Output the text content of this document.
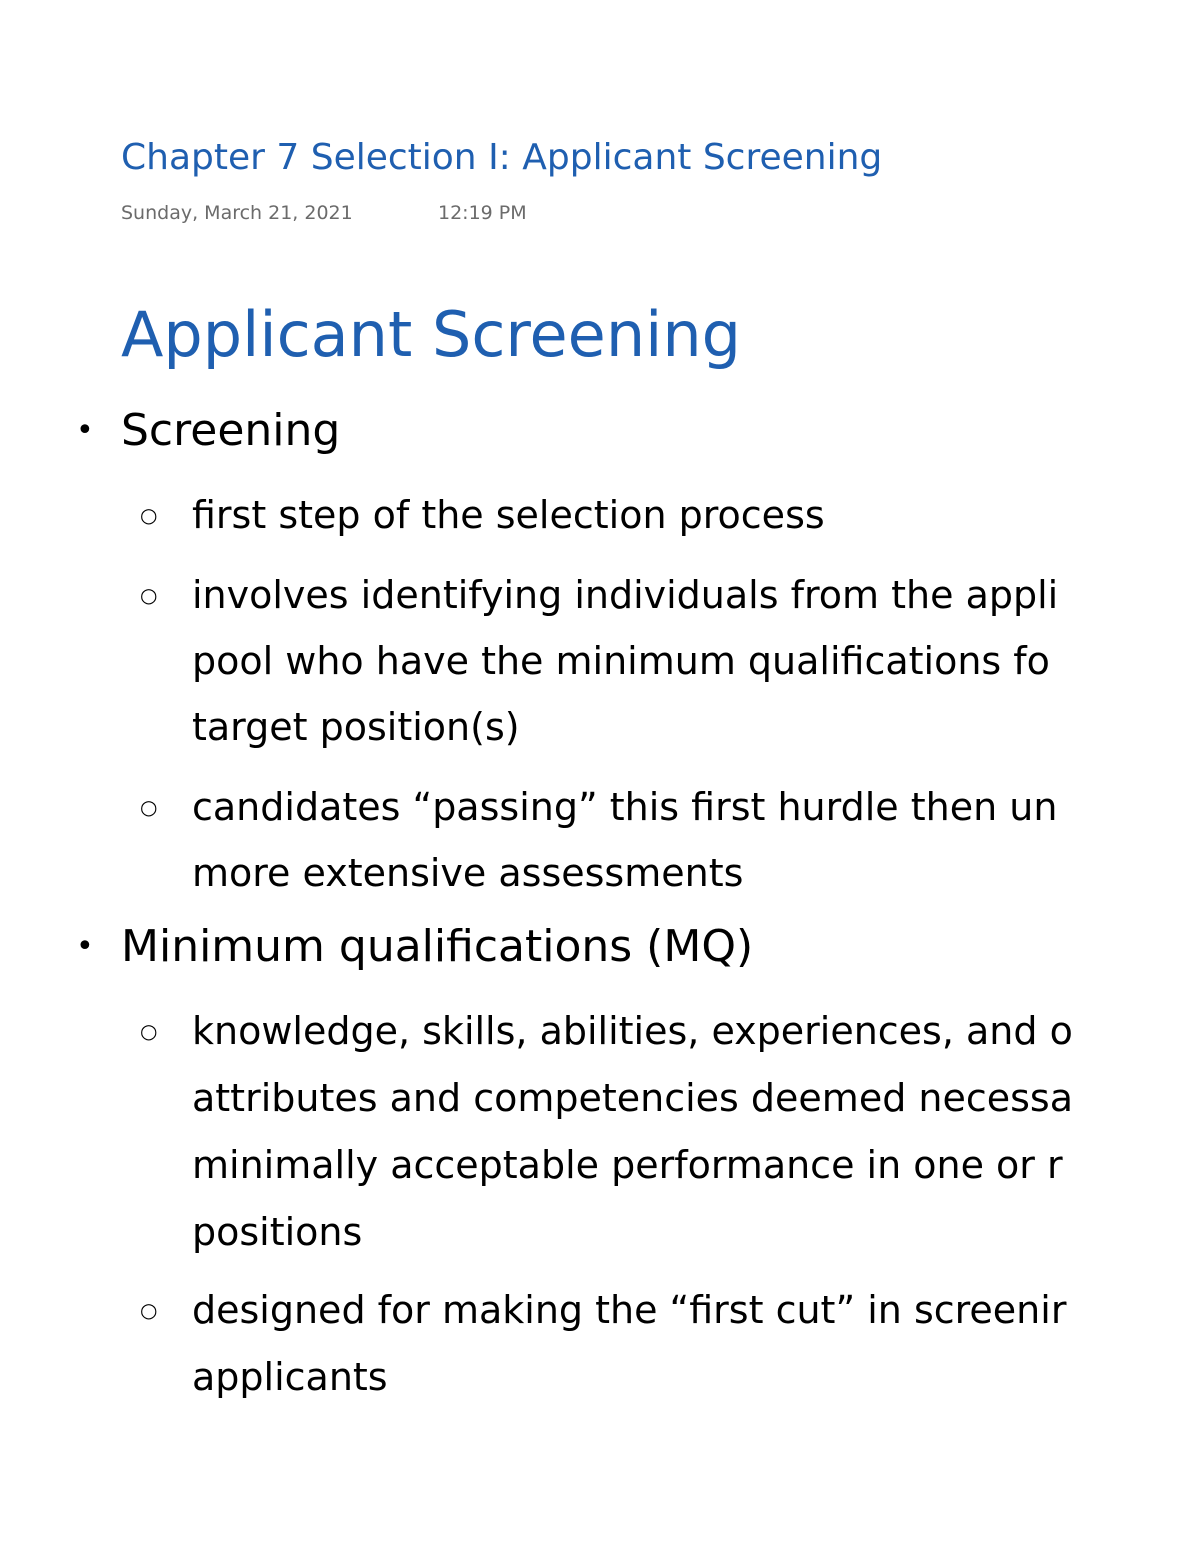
Chapter 7 Selection I: Applicant Screening
Sunday, March 21, 2021	12:19 PM
Applicant Screening
• Screening
○ first step of the selection process
○ involves identifying individuals from the appli
pool who have the minimum qualifications fo
target position(s)
○ candidates “passing” this first hurdle then un
more extensive assessments
• Minimum qualifications (MQ)
○ knowledge, skills, abilities, experiences, and o
attributes and competencies deemed necessa
minimally acceptable performance in one or r
positions
○ designed for making the “first cut” in screenir
applicants
